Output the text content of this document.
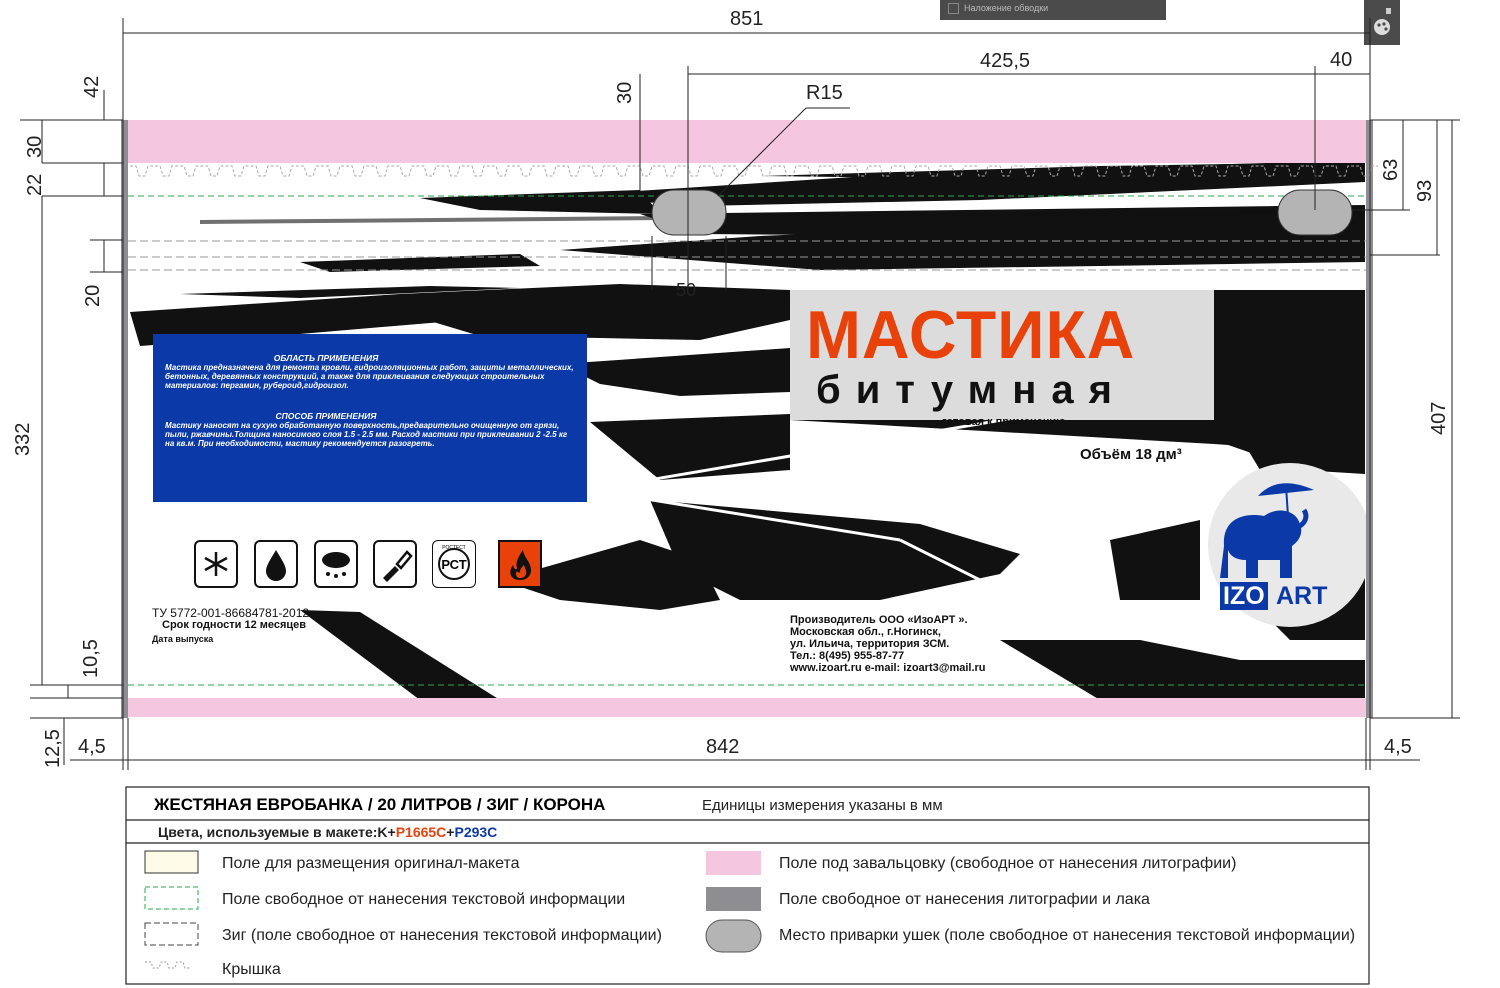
Наложение обводки
851
425,5	40
30	R15
50
42
30
22
20
332
10,5
12,5 4,5	842	4,5
63
93
407
МАСТИКА
битумная
готовая к применению
Объём 18 дм³
ОБЛАСТЬ ПРИМЕНЕНИЯ
Мастика предназначена для ремонта кровли, гидроизоляционных работ, защиты металлических, бетонных, деревянных конструкций, а также для приклеивания следующих строительных материалов: пергамин, рубероид,гидроизол.
СПОСОБ ПРИМЕНЕНИЯ
Мастику наносят на сухую обработанную поверхность,предварительно очищенную от грязи, пыли, ржавчины.Толщина наносимого слоя 1.5 - 2.5 мм. Расход мастики при приклеивании 2 -2.5 кг на кв.м. При необходимости, мастику рекомендуется разогреть.
РСТ
РОСТЕСТ
ТУ 5772-001-86684781-2012
Срок годности 12 месяцев
Дата выпуска
Производитель ООО «ИзоАРТ ».
Московская обл., г.Ногинск,
ул. Ильича, территория ЗСМ.
Тел.: 8(495) 955-87-77
www.izoart.ru e-mail: izoart3@mail.ru
IZO ART
ЖЕСТЯНАЯ ЕВРОБАНКА / 20 ЛИТРОВ / ЗИГ / КОРОНА	Единицы измерения указаны в мм
Цвета, используемые в макете:K+P1665C+P293C
Поле для размещения оригинал-макета
Поле свободное от нанесения текстовой информации
Зиг (поле свободное от нанесения текстовой информации)
Крышка
Поле под завальцовку (свободное от нанесения литографии)
Поле свободное от нанесения литографии и лака
Место приварки ушек (поле свободное от нанесения текстовой информации)
